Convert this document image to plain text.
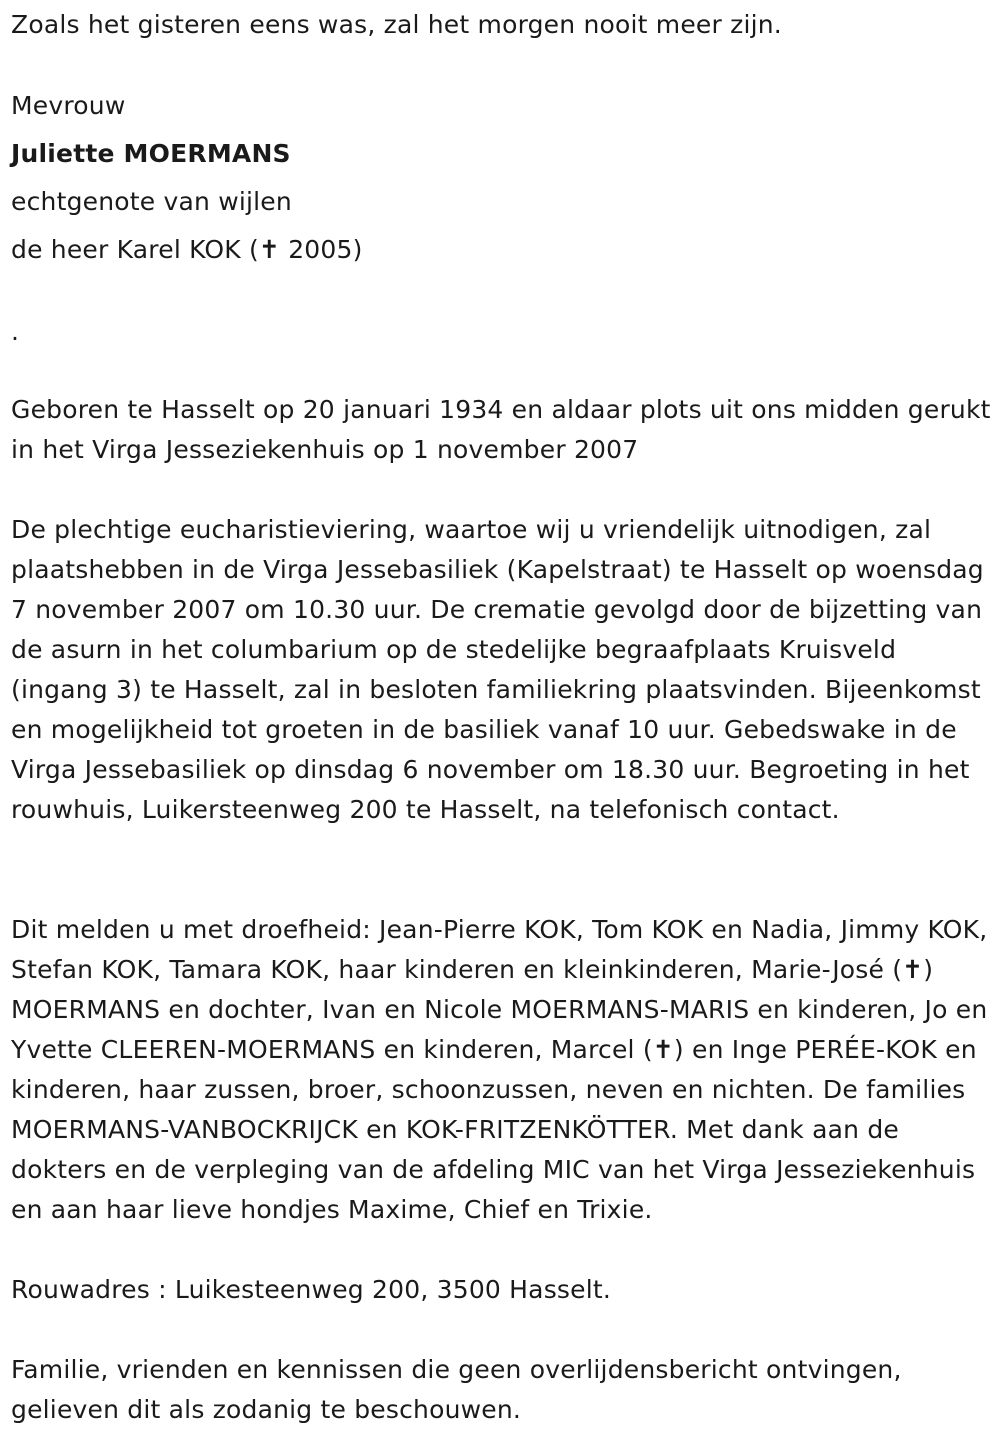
Zoals het gisteren eens was, zal het morgen nooit meer zijn.
Mevrouw
Juliette MOERMANS
echtgenote van wijlen
de heer Karel KOK (✝ 2005)
.
Geboren te Hasselt op 20 januari 1934 en aldaar plots uit ons midden gerukt in het Virga Jesseziekenhuis op 1 november 2007
De plechtige eucharistieviering, waartoe wij u vriendelijk uitnodigen, zal plaatshebben in de Virga Jessebasiliek (Kapelstraat) te Hasselt op woensdag 7 november 2007 om 10.30 uur. De crematie gevolgd door de bijzetting van de asurn in het columbarium op de stedelijke begraafplaats Kruisveld (ingang 3) te Hasselt, zal in besloten familiekring plaatsvinden. Bijeenkomst en mogelijkheid tot groeten in de basiliek vanaf 10 uur. Gebedswake in de Virga Jessebasiliek op dinsdag 6 november om 18.30 uur. Begroeting in het rouwhuis, Luikersteenweg 200 te Hasselt, na telefonisch contact.
Dit melden u met droefheid: Jean-Pierre KOK, Tom KOK en Nadia, Jimmy KOK, Stefan KOK, Tamara KOK, haar kinderen en kleinkinderen, Marie-José (✝) MOERMANS en dochter, Ivan en Nicole MOERMANS-MARIS en kinderen, Jo en Yvette CLEEREN-MOERMANS en kinderen, Marcel (✝) en Inge PERÉE-KOK en kinderen, haar zussen, broer, schoonzussen, neven en nichten. De families MOERMANS-VANBOCKRIJCK en KOK-FRITZENKÖTTER. Met dank aan de dokters en de verpleging van de afdeling MIC van het Virga Jesseziekenhuis en aan haar lieve hondjes Maxime, Chief en Trixie.
Rouwadres : Luikesteenweg 200, 3500 Hasselt.
Familie, vrienden en kennissen die geen overlijdensbericht ontvingen, gelieven dit als zodanig te beschouwen.
